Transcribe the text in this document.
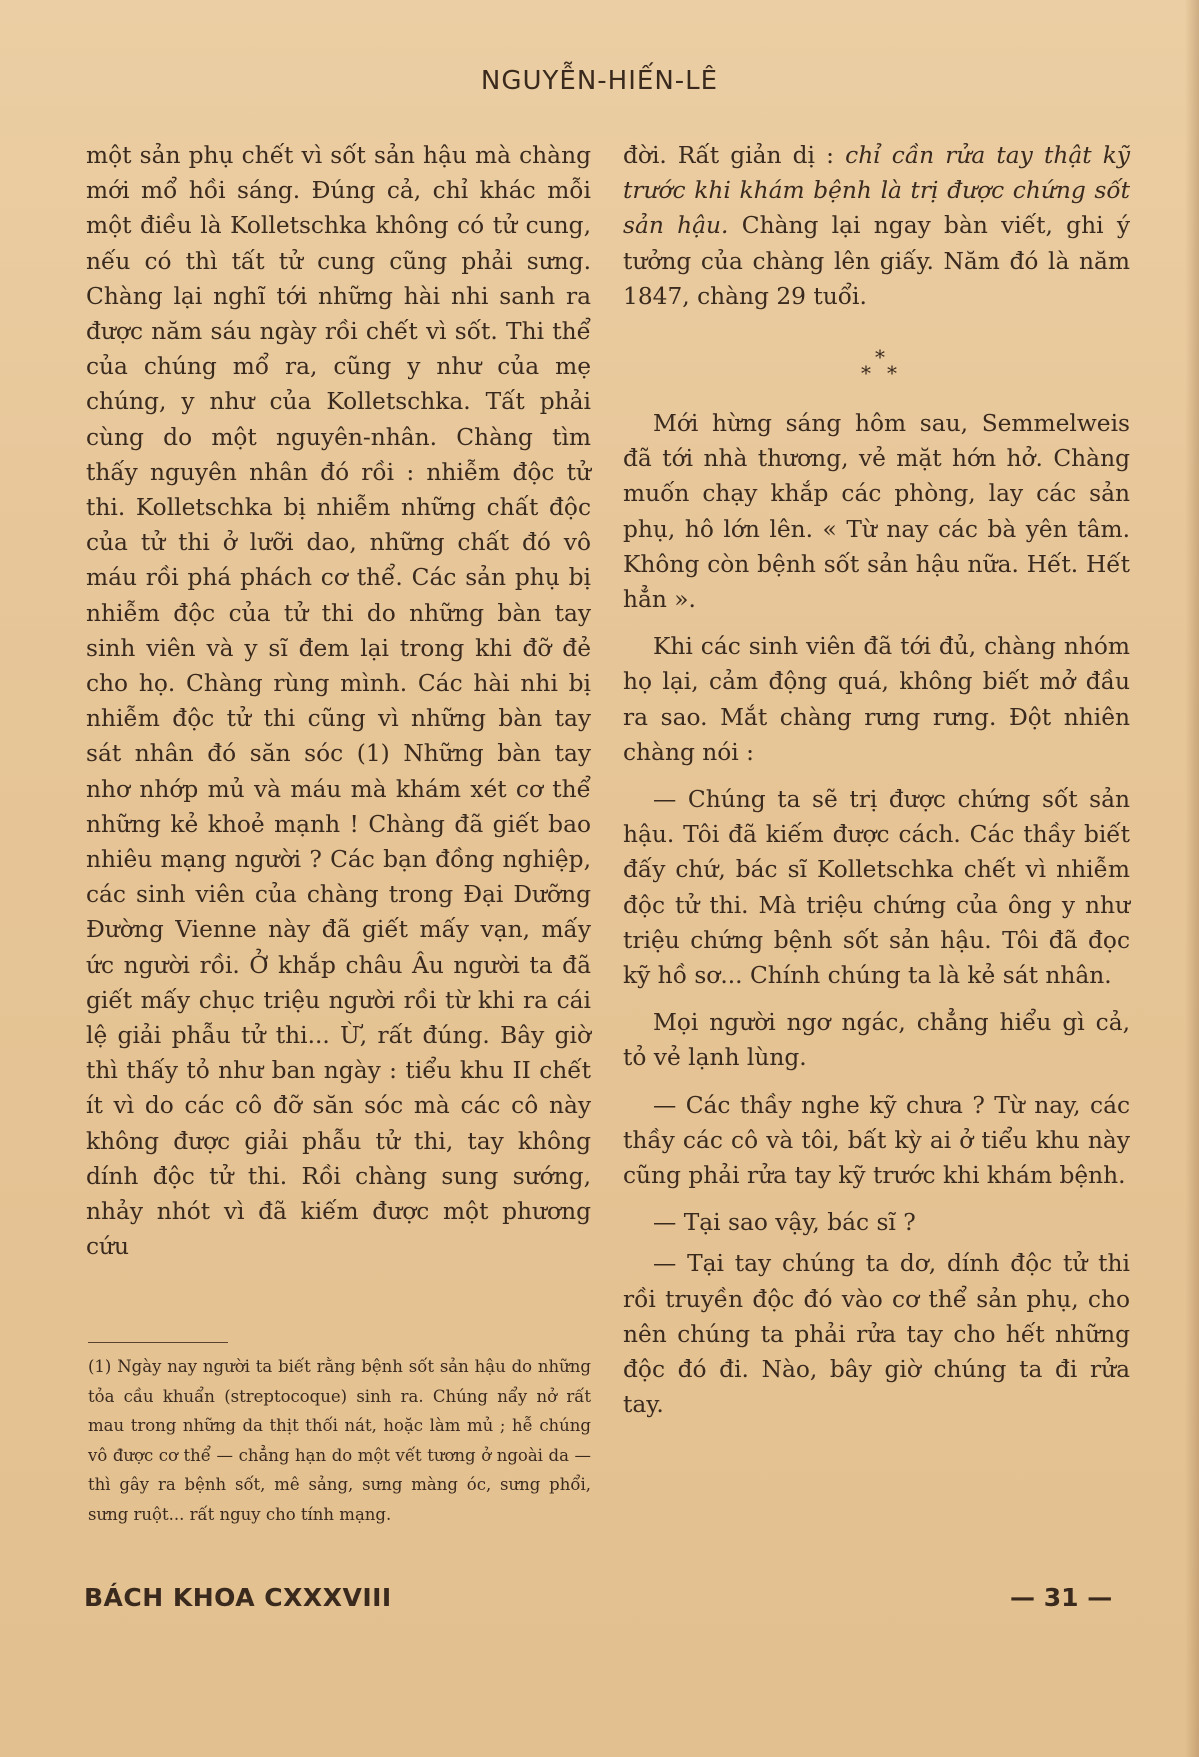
NGUYỄN-HIẾN-LÊ

một sản phụ chết vì sốt sản hậu mà chàng mới mổ hồi sáng. Đúng cả, chỉ khác mỗi một điều là Kolletschka không có tử cung, nếu có thì tất tử cung cũng phải sưng. Chàng lại nghĩ tới những hài nhi sanh ra được năm sáu ngày rồi chết vì sốt. Thi thể của chúng mổ ra, cũng y như của mẹ chúng, y như của Kolletschka. Tất phải cùng do một nguyên-nhân. Chàng tìm thấy nguyên nhân đó rồi : nhiễm độc tử thi. Kolletschka bị nhiễm những chất độc của tử thi ở lưỡi dao, những chất đó vô máu rồi phá phách cơ thể. Các sản phụ bị nhiễm độc của tử thi do những bàn tay sinh viên và y sĩ đem lại trong khi đỡ đẻ cho họ. Chàng rùng mình. Các hài nhi bị nhiễm độc tử thi cũng vì những bàn tay sát nhân đó săn sóc (1) Những bàn tay nhơ nhớp mủ và máu mà khám xét cơ thể những kẻ khoẻ mạnh ! Chàng đã giết bao nhiêu mạng người ? Các bạn đồng nghiệp, các sinh viên của chàng trong Đại Dưỡng Đường Vienne này đã giết mấy vạn, mấy ức người rồi. Ở khắp châu Âu người ta đã giết mấy chục triệu người rồi từ khi ra cái lệ giải phẫu tử thi... Ừ, rất đúng. Bây giờ thì thấy tỏ như ban ngày : tiểu khu II chết ít vì do các cô đỡ săn sóc mà các cô này không được giải phẫu tử thi, tay không dính độc tử thi. Rồi chàng sung sướng, nhảy nhót vì đã kiếm được một phương cứu

đời. Rất giản dị : chỉ cần rửa tay thật kỹ trước khi khám bệnh là trị được chứng sốt sản hậu. Chàng lại ngay bàn viết, ghi ý tưởng của chàng lên giấy. Năm đó là năm 1847, chàng 29 tuổi.

*
* *

Mới hừng sáng hôm sau, Semmelweis đã tới nhà thương, vẻ mặt hớn hở. Chàng muốn chạy khắp các phòng, lay các sản phụ, hô lớn lên. « Từ nay các bà yên tâm. Không còn bệnh sốt sản hậu nữa. Hết. Hết hẳn ».

Khi các sinh viên đã tới đủ, chàng nhóm họ lại, cảm động quá, không biết mở đầu ra sao. Mắt chàng rưng rưng. Đột nhiên chàng nói :

— Chúng ta sẽ trị được chứng sốt sản hậu. Tôi đã kiếm được cách. Các thầy biết đấy chứ, bác sĩ Kolletschka chết vì nhiễm độc tử thi. Mà triệu chứng của ông y như triệu chứng bệnh sốt sản hậu. Tôi đã đọc kỹ hồ sơ... Chính chúng ta là kẻ sát nhân.

Mọi người ngơ ngác, chẳng hiểu gì cả, tỏ vẻ lạnh lùng.

— Các thầy nghe kỹ chưa ? Từ nay, các thầy các cô và tôi, bất kỳ ai ở tiểu khu này cũng phải rửa tay kỹ trước khi khám bệnh.

— Tại sao vậy, bác sĩ ?

— Tại tay chúng ta dơ, dính độc tử thi rồi truyền độc đó vào cơ thể sản phụ, cho nên chúng ta phải rửa tay cho hết những độc đó đi. Nào, bây giờ chúng ta đi rửa tay.

(1) Ngày nay người ta biết rằng bệnh sốt sản hậu do những tỏa cầu khuẩn (streptocoque) sinh ra. Chúng nẩy nở rất mau trong những da thịt thối nát, hoặc làm mủ ; hễ chúng vô được cơ thể — chẳng hạn do một vết tương ở ngoài da — thì gây ra bệnh sốt, mê sảng, sưng màng óc, sưng phổi, sưng ruột... rất nguy cho tính mạng.
BÁCH KHOA CXXXVIII	— 31 —
